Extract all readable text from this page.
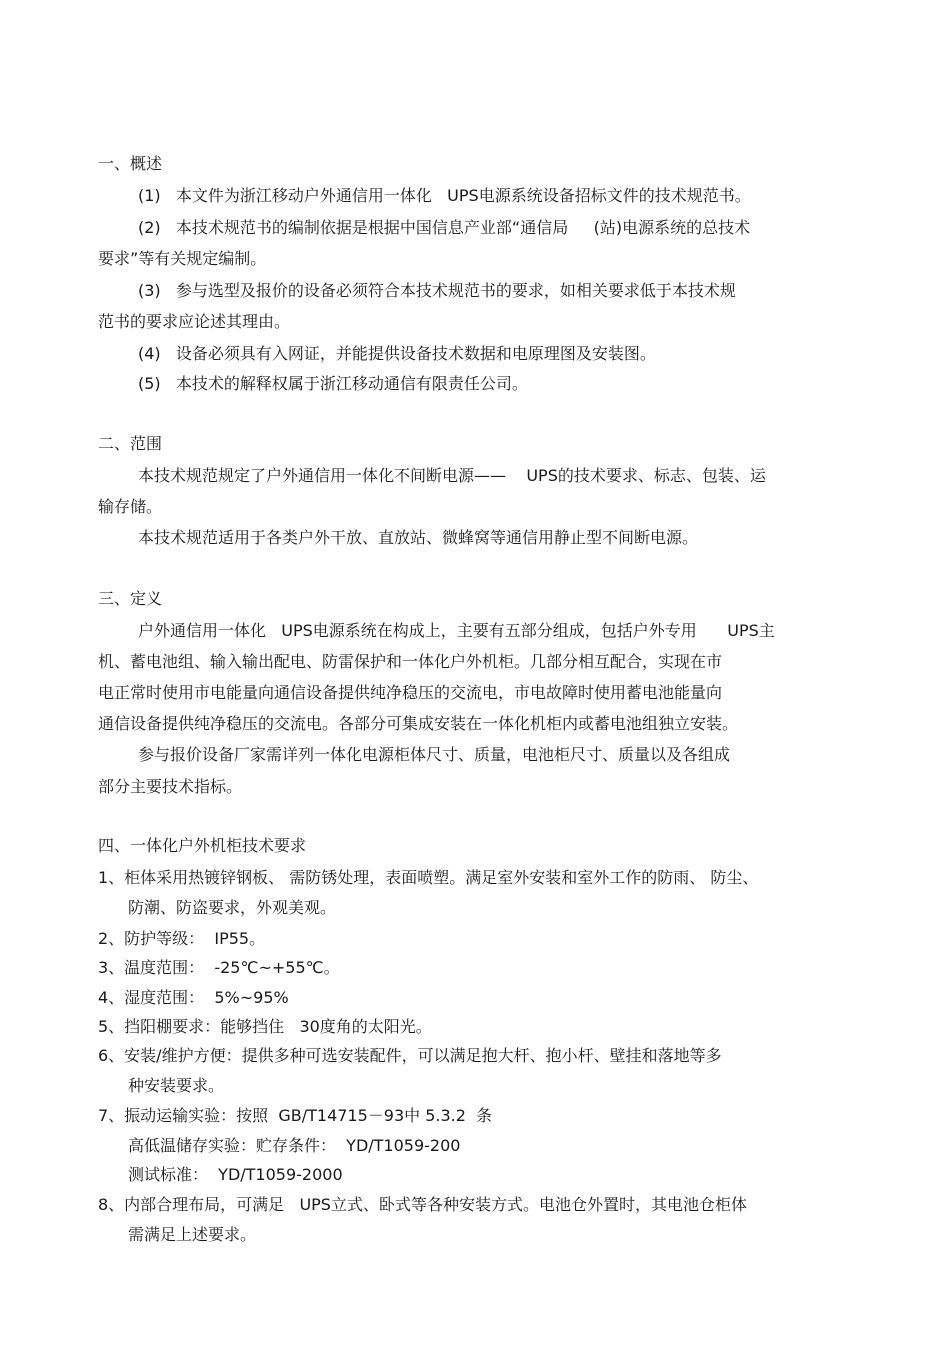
一、概述
(1)   本文件为浙江移动户外通信用一体化   UPS电源系统设备招标文件的技术规范书。
(2)   本技术规范书的编制依据是根据中国信息产业部“通信局     (站)电源系统的总技术
要求”等有关规定编制。
(3)   参与选型及报价的设备必须符合本技术规范书的要求，如相关要求低于本技术规
范书的要求应论述其理由。
(4)   设备必须具有入网证，并能提供设备技术数据和电原理图及安装图。
(5)   本技术的解释权属于浙江移动通信有限责任公司。
二、范围
本技术规范规定了户外通信用一体化不间断电源——    UPS的技术要求、标志、包装、运
输存储。
本技术规范适用于各类户外干放、直放站、微蜂窝等通信用静止型不间断电源。
三、定义
户外通信用一体化   UPS电源系统在构成上，主要有五部分组成，包括户外专用      UPS主
机、蓄电池组、输入输出配电、防雷保护和一体化户外机柜。几部分相互配合，实现在市
电正常时使用市电能量向通信设备提供纯净稳压的交流电，市电故障时使用蓄电池能量向
通信设备提供纯净稳压的交流电。各部分可集成安装在一体化机柜内或蓄电池组独立安装。
参与报价设备厂家需详列一体化电源柜体尺寸、质量，电池柜尺寸、质量以及各组成
部分主要技术指标。
四、一体化户外机柜技术要求
1、柜体采用热镀锌钢板、 需防锈处理，表面喷塑。满足室外安装和室外工作的防雨、 防尘、
防潮、防盗要求，外观美观。
2、防护等级：  IP55。
3、温度范围：  -25℃~+55℃。
4、湿度范围：  5%~95%
5、挡阳棚要求：能够挡住   30度角的太阳光。
6、安装/维护方便：提供多种可选安装配件，可以满足抱大杆、抱小杆、壁挂和落地等多
种安装要求。
7、振动运输实验：按照  GB/T14715－93中 5.3.2  条
高低温储存实验：贮存条件：  YD/T1059-200
测试标准：  YD/T1059-2000
8、内部合理布局，可满足   UPS立式、卧式等各种安装方式。电池仓外置时，其电池仓柜体
需满足上述要求。
